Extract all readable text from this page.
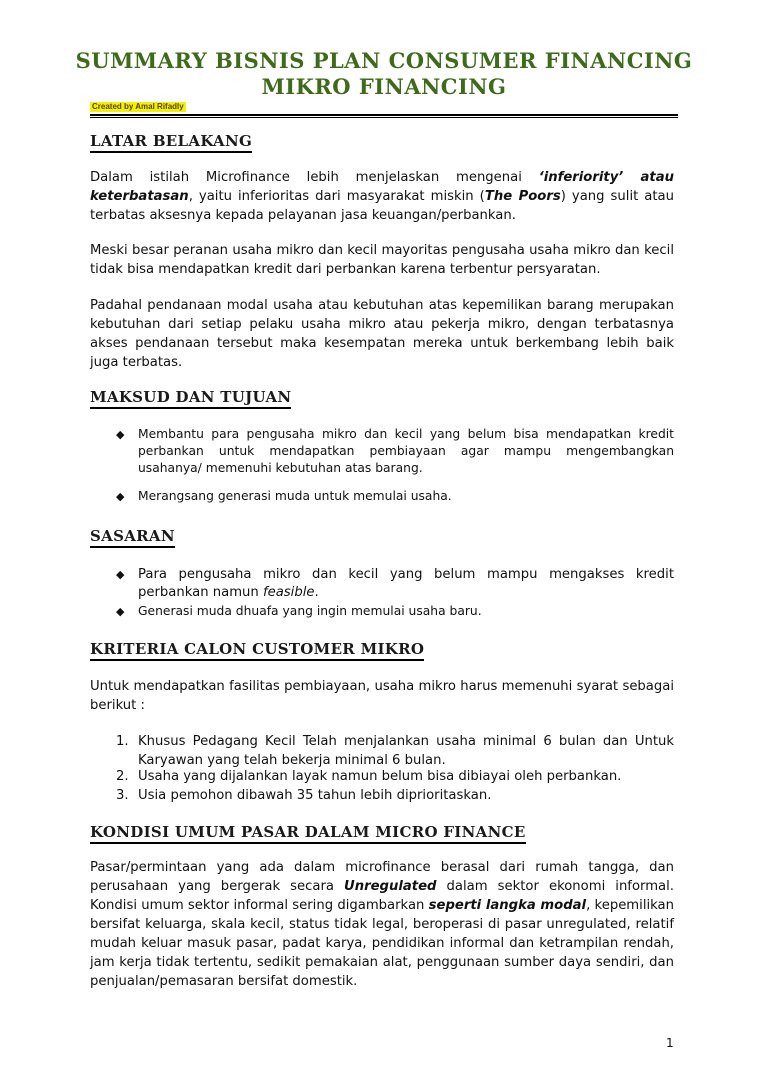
SUMMARY BISNIS PLAN CONSUMER FINANCING
MIKRO FINANCING
Created by Amal Rifadly
LATAR BELAKANG
Dalam istilah Microfinance lebih menjelaskan mengenai ‘inferiority’ atau keterbatasan, yaitu inferioritas dari masyarakat miskin (The Poors) yang sulit atau terbatas aksesnya kepada pelayanan jasa keuangan/perbankan.
Meski besar peranan usaha mikro dan kecil mayoritas pengusaha usaha mikro dan kecil tidak bisa mendapatkan kredit dari perbankan karena terbentur persyaratan.
Padahal pendanaan modal usaha atau kebutuhan atas kepemilikan barang merupakan kebutuhan dari setiap pelaku usaha mikro atau pekerja mikro, dengan terbatasnya akses pendanaan tersebut maka kesempatan mereka untuk berkembang lebih baik juga terbatas.
MAKSUD DAN TUJUAN
◆ Membantu para pengusaha mikro dan kecil yang belum bisa mendapatkan kredit perbankan untuk mendapatkan pembiayaan agar mampu mengembangkan usahanya/ memenuhi kebutuhan atas barang.
◆ Merangsang generasi muda untuk memulai usaha.
SASARAN
◆ Para pengusaha mikro dan kecil yang belum mampu mengakses kredit perbankan namun feasible.
◆ Generasi muda dhuafa yang ingin memulai usaha baru.
KRITERIA CALON CUSTOMER MIKRO
Untuk mendapatkan fasilitas pembiayaan, usaha mikro harus memenuhi syarat sebagai berikut :
1. Khusus Pedagang Kecil Telah menjalankan usaha minimal 6 bulan dan Untuk Karyawan yang telah bekerja minimal 6 bulan.
2. Usaha yang dijalankan layak namun belum bisa dibiayai oleh perbankan.
3. Usia pemohon dibawah 35 tahun lebih diprioritaskan.
KONDISI UMUM PASAR DALAM MICRO FINANCE
Pasar/permintaan yang ada dalam microfinance berasal dari rumah tangga, dan perusahaan yang bergerak secara Unregulated dalam sektor ekonomi informal. Kondisi umum sektor informal sering digambarkan seperti langka modal, kepemilikan bersifat keluarga, skala kecil, status tidak legal, beroperasi di pasar unregulated, relatif mudah keluar masuk pasar, padat karya, pendidikan informal dan ketrampilan rendah, jam kerja tidak tertentu, sedikit pemakaian alat, penggunaan sumber daya sendiri, dan penjualan/pemasaran bersifat domestik.
1
